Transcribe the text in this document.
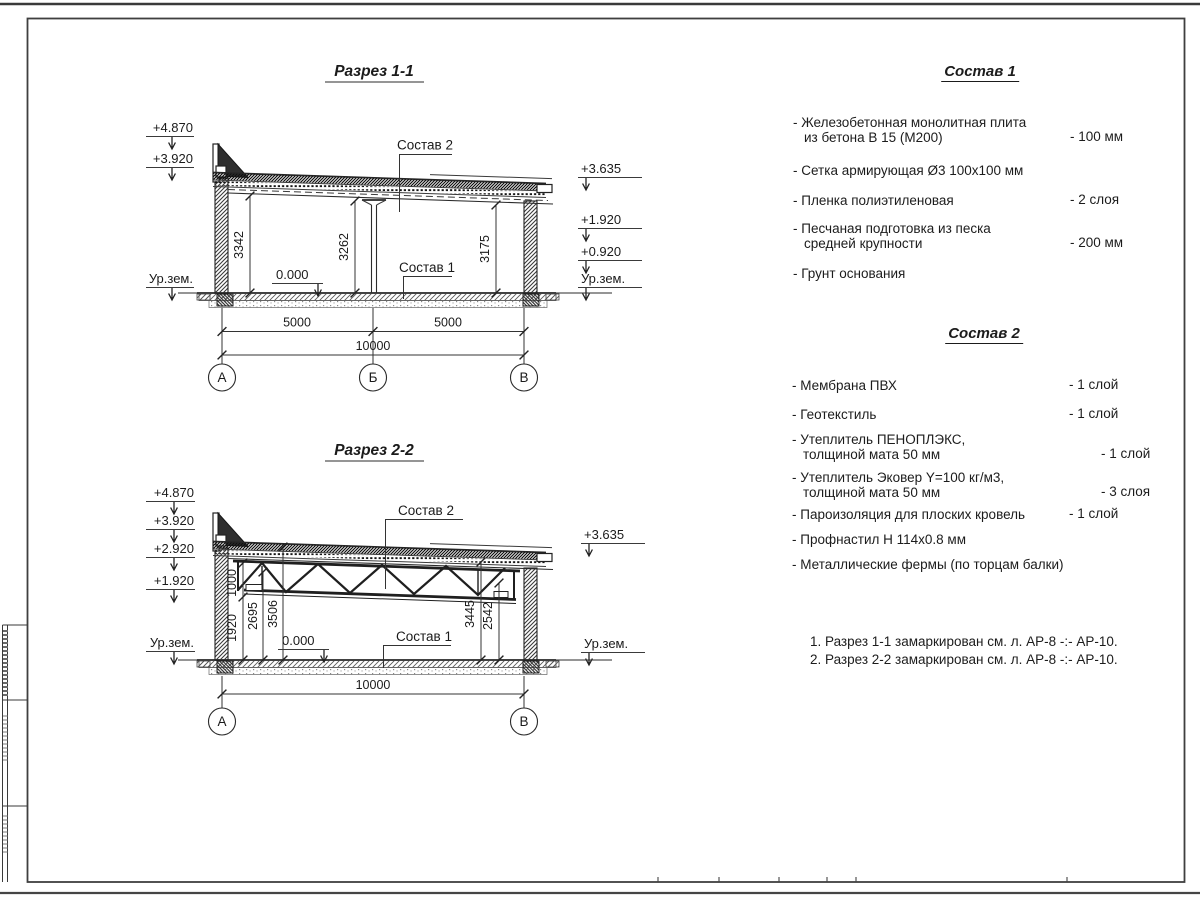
Разрез 1-1
+4.870
+3.920
Ур.зем.
+3.635
+1.920
+0.920
Ур.зем.
3342	3262	3175
0.000
Состав 2
Состав 1
5000	5000
10000
А	Б	В
Разрез 2-2
+4.870
+3.920
+2.920
+1.920
Ур.зем.
+3.635
Ур.зем.
1000
1920 2695 3506	3445 2542
0.000
Состав 2
Состав 1
10000
А	В
Состав 1
- Железобетонная монолитная плита
из бетона В 15 (М200)	- 100 мм
- Сетка армирующая Ø3 100х100 мм
- Пленка полиэтиленовая	- 2 слоя
- Песчаная подготовка из песка
средней крупности	- 200 мм
- Грунт основания
Состав 2
- Мембрана ПВХ	- 1 слой
- Геотекстиль	- 1 слой
- Утеплитель ПЕНОПЛЭКС,
толщиной мата 50 мм	- 1 слой
- Утеплитель Эковер Y=100 кг/м3,
толщиной мата 50 мм	- 3 слоя
- Пароизоляция для плоских кровель	- 1 слой
- Профнастил Н 114х0.8 мм
- Металлические фермы (по торцам балки)
1. Разрез 1-1 замаркирован см. л. АР-8 -:- АР-10.
2. Разрез 2-2 замаркирован см. л. АР-8 -:- АР-10.
